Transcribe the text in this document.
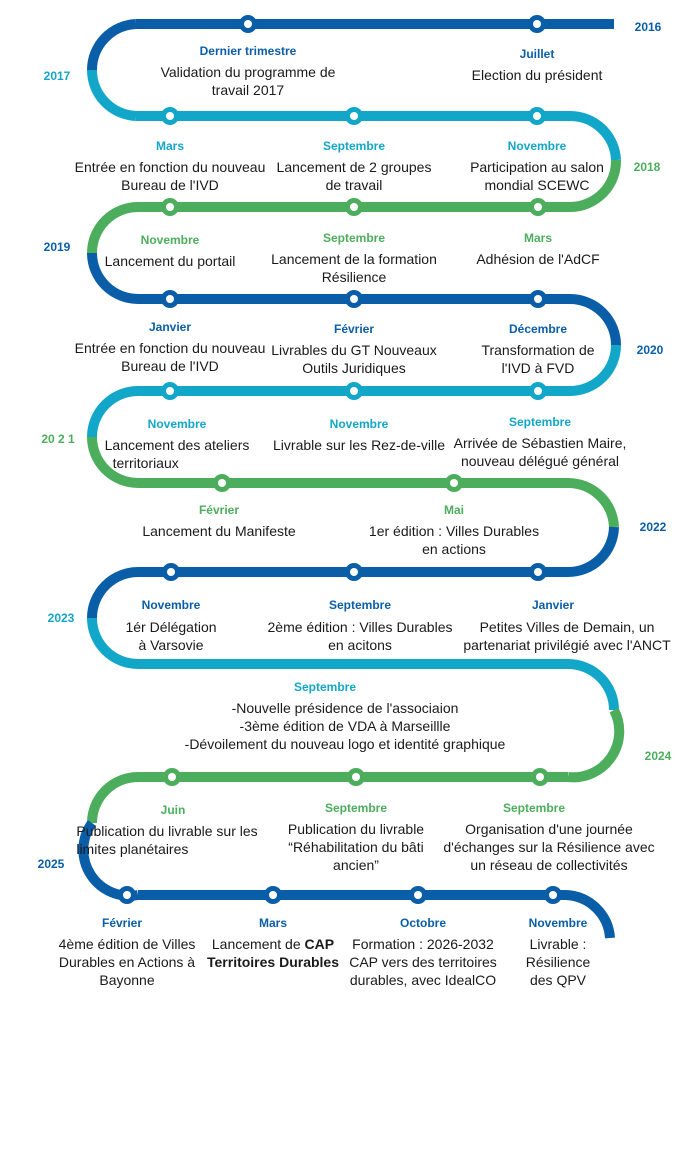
2016
2017
2018
2019
2020
20 2 1
2022
2023
2024
2025
Dernier trimestre
Validation du programme de
travail 2017
Juillet
Election du président
Mars
Entrée en fonction du nouveau
Bureau de l'IVD
Septembre
Lancement de 2 groupes
de travail
Novembre
Participation au salon
mondial SCEWC
Novembre
Lancement du portail
Septembre
Lancement de la formation
Résilience
Mars
Adhésion de l'AdCF
Janvier
Entrée en fonction du nouveau
Bureau de l'IVD
Février
Livrables du GT Nouveaux
Outils Juridiques
Décembre
Transformation de
l'IVD à FVD
Novembre
Lancement des ateliers
territoriaux
Novembre
Livrable sur les Rez-de-ville
Septembre
Arrivée de Sébastien Maire,
nouveau délégué général
Février
Lancement du Manifeste
Mai
1er édition : Villes Durables
en actions
Novembre
1ér Délégation
à Varsovie
Septembre
2ème édition : Villes Durables
en acitons
Janvier
Petites Villes de Demain, un
partenariat privilégié avec l'ANCT
Septembre
-Nouvelle présidence de l'associaion
-3ème édition de VDA à Marseillle
-Dévoilement du nouveau logo et identité graphique
Juin
Publication du livrable sur les
limites planétaires
Septembre
Publication du livrable
“Réhabilitation du bâti
ancien”
Septembre
Organisation d'une journée
d'échanges sur la Résilience avec
un réseau de collectivités
Février
4ème édition de Villes
Durables en Actions à
Bayonne
Mars
Lancement de CAP
Territoires Durables
Octobre
Formation : 2026-2032
CAP vers des territoires
durables, avec IdealCO
Novembre
Livrable :
Résilience
des QPV
